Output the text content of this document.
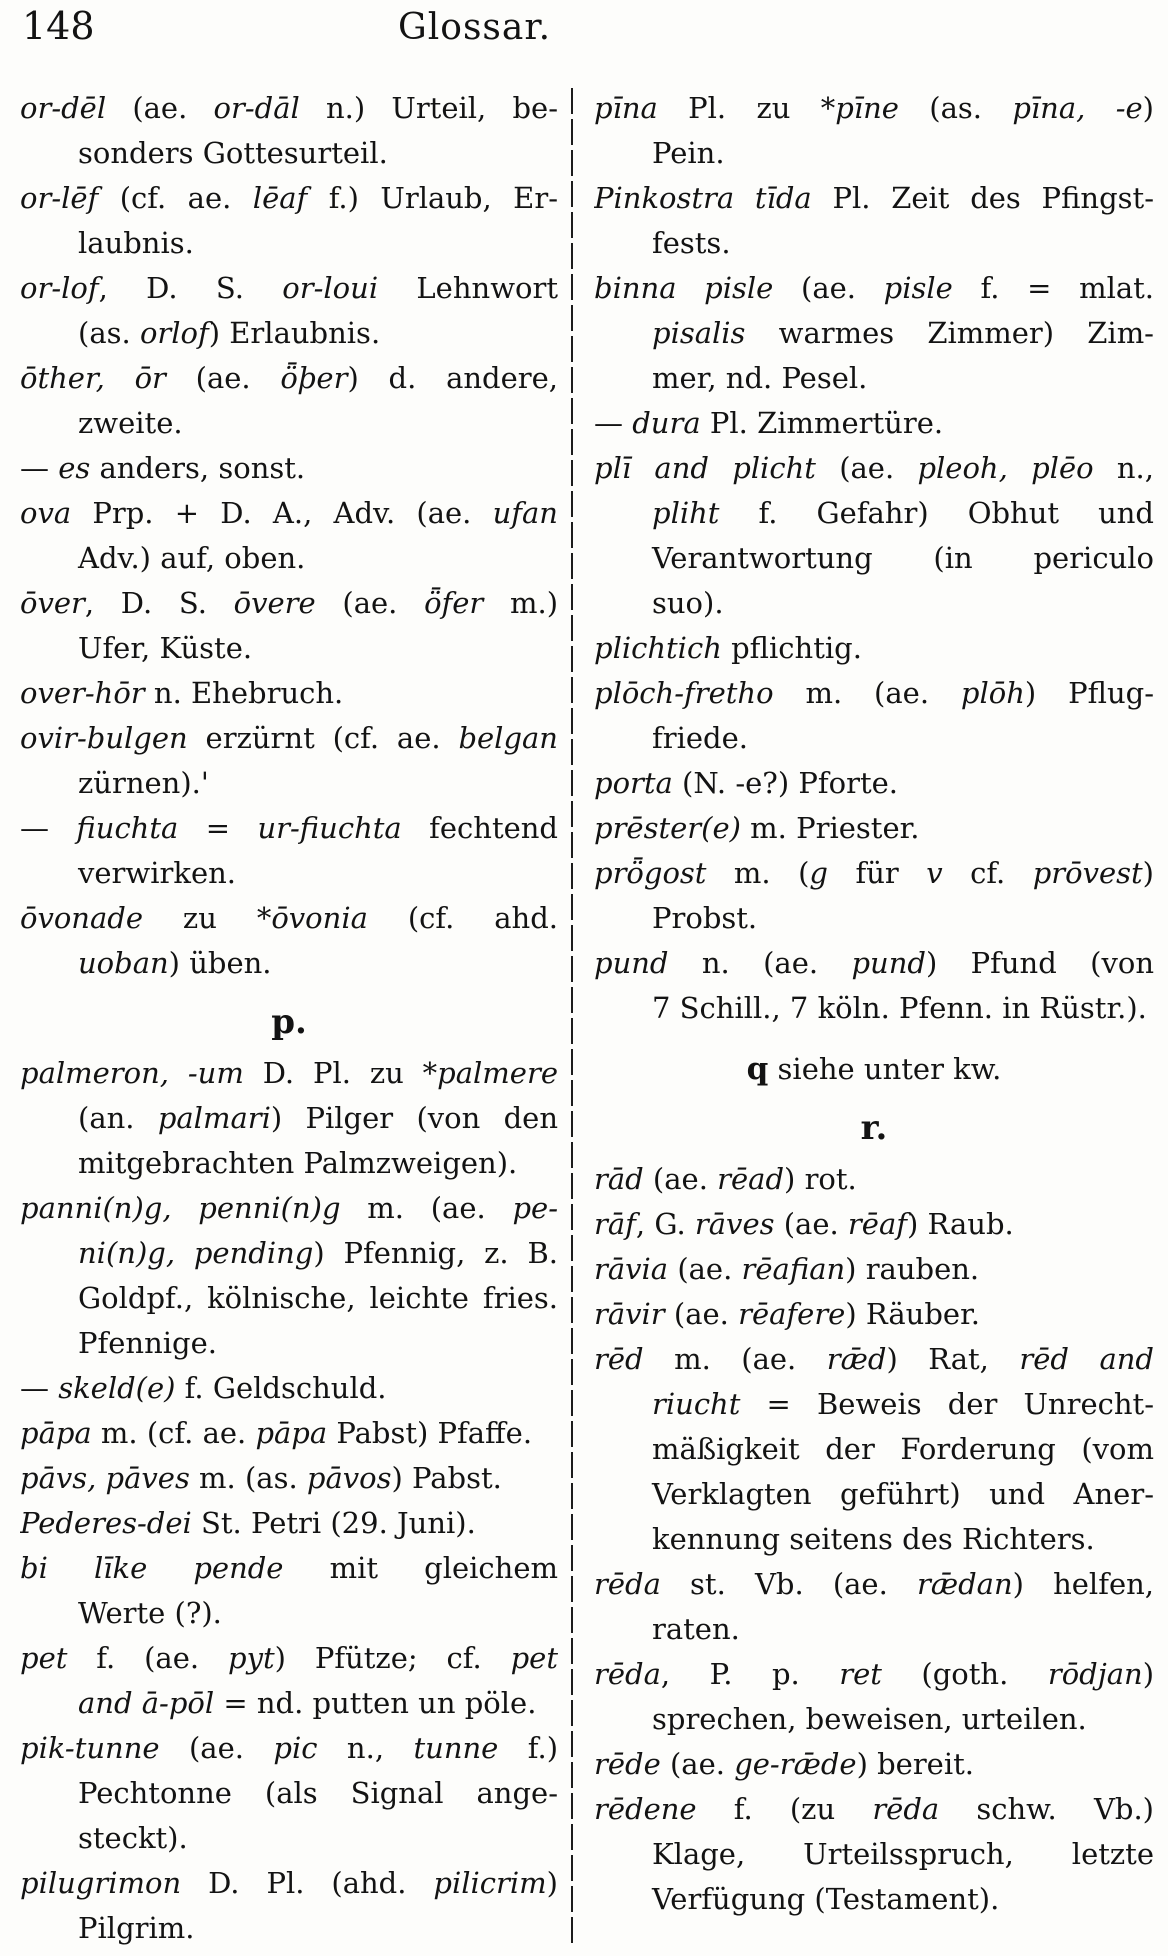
148	Glossar.
or-dēl (ae. or-dāl n.) Urteil, be-
sonders Gottesurteil.
or-lēf (cf. ae. lēaf f.) Urlaub, Er-
laubnis.
or-lof, D. S. or-loui Lehnwort
(as. orlof) Erlaubnis.
ōther, ōr (ae. ȫþer) d. andere,
zweite.
— es anders, sonst.
ova Prp. + D. A., Adv. (ae. ufan
Adv.) auf, oben.
ōver, D. S. ōvere (ae. ȫfer m.)
Ufer, Küste.
over-hōr n. Ehebruch.
ovir-bulgen erzürnt (cf. ae. belgan
zürnen).'
— fiuchta = ur-fiuchta fechtend
verwirken.
ōvonade zu *ōvonia (cf. ahd.
uoban) üben.
p.
palmeron, -um D. Pl. zu *palmere
(an. palmari) Pilger (von den
mitgebrachten Palmzweigen).
panni(n)g, penni(n)g m. (ae. pe-
ni(n)g, pending) Pfennig, z. B.
Goldpf., kölnische, leichte fries.
Pfennige.
— skeld(e) f. Geldschuld.
pāpa m. (cf. ae. pāpa Pabst) Pfaffe.
pāvs, pāves m. (as. pāvos) Pabst.
Pederes-dei St. Petri (29. Juni).
bi līke pende mit gleichem
Werte (?).
pet f. (ae. pyt) Pfütze; cf. pet
and ā-pōl = nd. putten un pöle.
pik-tunne (ae. pic n., tunne f.)
Pechtonne (als Signal ange-
steckt).
pilugrimon D. Pl. (ahd. pilicrim)
Pilgrim.
pīna Pl. zu *pīne (as. pīna, -e)
Pein.
Pinkostra tīda Pl. Zeit des Pfingst-
fests.
binna pisle (ae. pisle f. = mlat.
pisalis warmes Zimmer) Zim-
mer, nd. Pesel.
— dura Pl. Zimmertüre.
plī and plicht (ae. pleoh, plēo n.,
pliht f. Gefahr) Obhut und
Verantwortung (in periculo
suo).
plichtich pflichtig.
plōch-fretho m. (ae. plōh) Pflug-
friede.
porta (N. -e?) Pforte.
prēster(e) m. Priester.
prȫgost m. (g für v cf. prōvest)
Probst.
pund n. (ae. pund) Pfund (von
7 Schill., 7 köln. Pfenn. in Rüstr.).
q siehe unter kw.
r.
rād (ae. rēad) rot.
rāf, G. rāves (ae. rēaf) Raub.
rāvia (ae. rēafian) rauben.
rāvir (ae. rēafere) Räuber.
rēd m. (ae. rǣd) Rat, rēd and
riucht = Beweis der Unrecht-
mäßigkeit der Forderung (vom
Verklagten geführt) und Aner-
kennung seitens des Richters.
rēda st. Vb. (ae. rǣdan) helfen,
raten.
rēda, P. p. ret (goth. rōdjan)
sprechen, beweisen, urteilen.
rēde (ae. ge-rǣde) bereit.
rēdene f. (zu rēda schw. Vb.)
Klage, Urteilsspruch, letzte
Verfügung (Testament).
